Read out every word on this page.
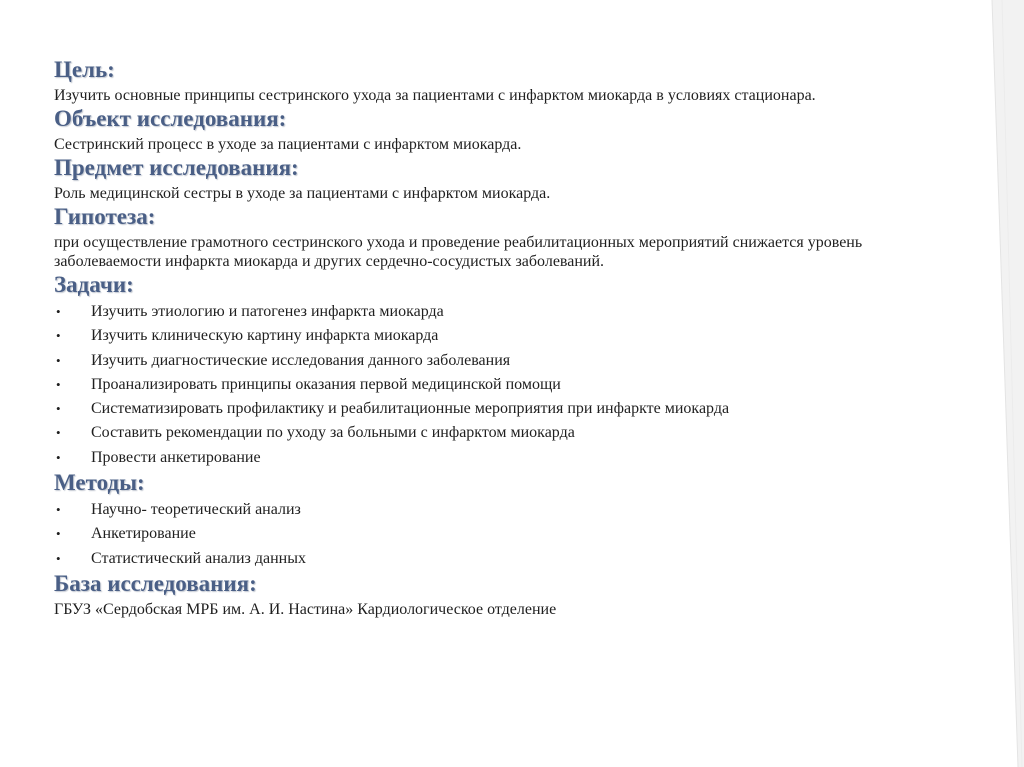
Цель:

Изучить основные принципы сестринского ухода за пациентами с инфарктом миокарда в условиях стационара.

Объект исследования:

Сестринский процесс в уходе за пациентами с инфарктом миокарда.

Предмет исследования:

Роль медицинской сестры в уходе за пациентами с инфарктом миокарда.

Гипотеза:

при осуществление грамотного сестринского ухода и проведение реабилитационных мероприятий снижается уровень заболеваемости инфаркта миокарда и других сердечно-сосудистых заболеваний.

Задачи:
• Изучить этиологию и патогенез инфаркта миокарда
• Изучить клиническую картину инфаркта миокарда
• Изучить диагностические исследования данного заболевания
• Проанализировать принципы оказания первой медицинской помощи
• Систематизировать профилактику и реабилитационные мероприятия при инфаркте миокарда
• Составить рекомендации по уходу за больными с инфарктом миокарда
• Провести анкетирование
Методы:
• Научно- теоретический анализ
• Анкетирование
• Статистический анализ данных
База исследования:

ГБУЗ «Сердобская МРБ им. А. И. Настина» Кардиологическое отделение
